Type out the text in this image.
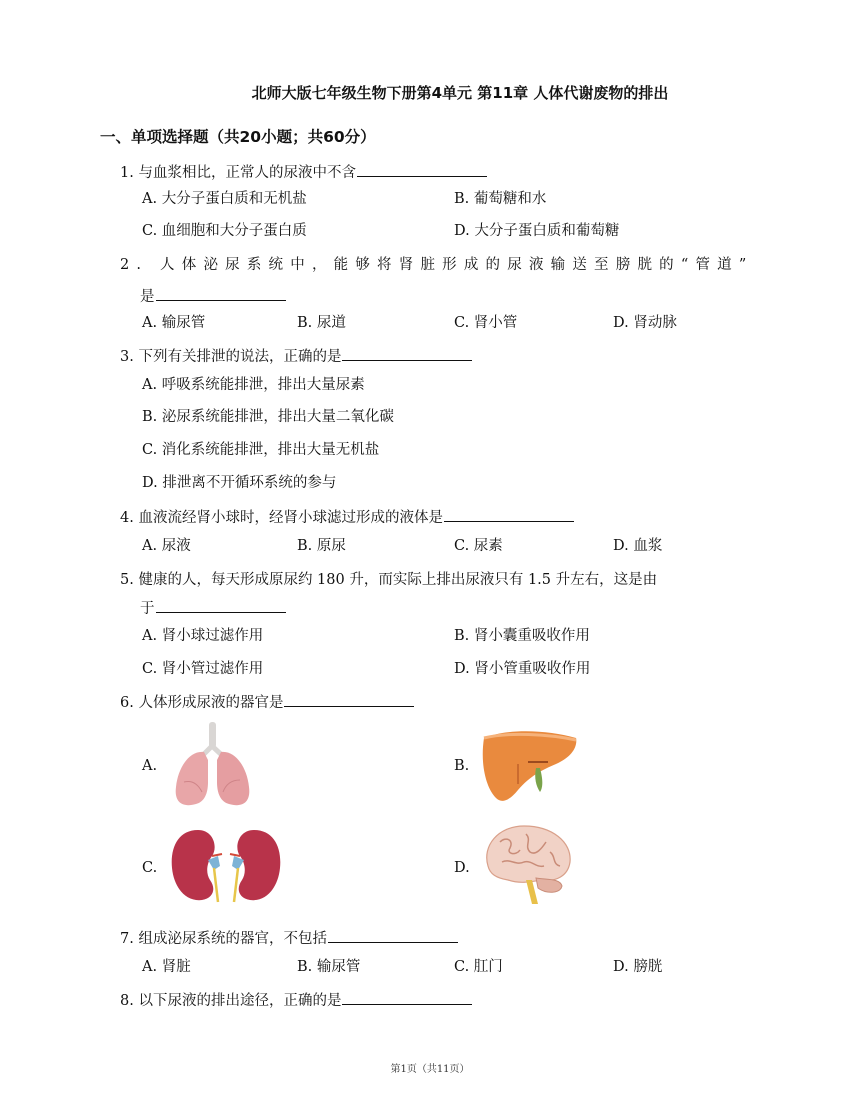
北师大版七年级生物下册第4单元 第11章 人体代谢废物的排出
一、单项选择题（共20小题；共60分）
1. 与血浆相比，正常人的尿液中不含
A. 大分子蛋白质和无机盐	B. 葡萄糖和水
C. 血细胞和大分子蛋白质	D. 大分子蛋白质和葡萄糖
2. 人体泌尿系统中，能够将肾脏形成的尿液输送至膀胱的“管道”
是
A. 输尿管	B. 尿道	C. 肾小管	D. 肾动脉
3. 下列有关排泄的说法，正确的是
A. 呼吸系统能排泄，排出大量尿素
B. 泌尿系统能排泄，排出大量二氧化碳
C. 消化系统能排泄，排出大量无机盐
D. 排泄离不开循环系统的参与
4. 血液流经肾小球时，经肾小球滤过形成的液体是
A. 尿液	B. 原尿	C. 尿素	D. 血浆
5. 健康的人，每天形成原尿约 180 升，而实际上排出尿液只有 1.5 升左右，这是由
于
A. 肾小球过滤作用	B. 肾小囊重吸收作用
C. 肾小管过滤作用	D. 肾小管重吸收作用
6. 人体形成尿液的器官是
A.	B.
C.	D.
7. 组成泌尿系统的器官，不包括
A. 肾脏	B. 输尿管	C. 肛门	D. 膀胱
8. 以下尿液的排出途径，正确的是
第1页（共11页）
